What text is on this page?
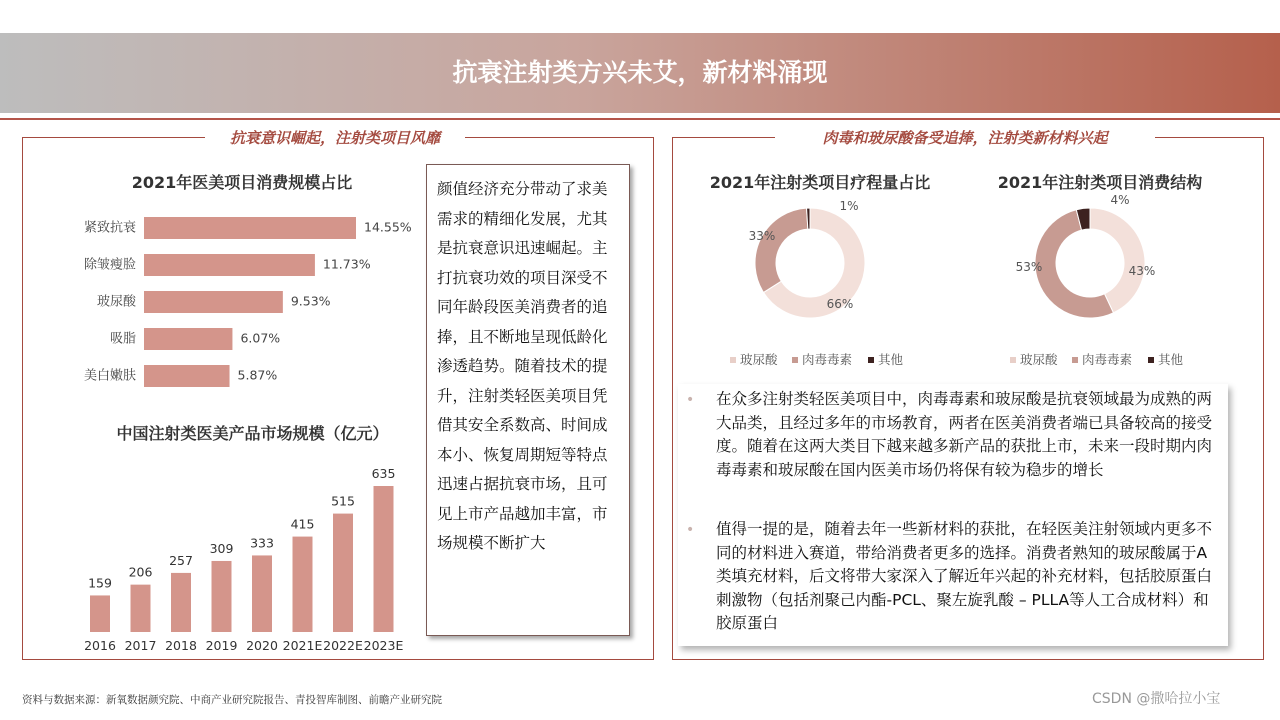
抗衰注射类方兴未艾，新材料涌现
抗衰意识崛起，注射类项目风靡	肉毒和玻尿酸备受追捧，注射类新材料兴起
2021年医美项目消费规模占比
紧致抗衰	14.55%
除皱瘦脸	11.73%
玻尿酸	9.53%
吸脂	6.07%
美白嫩肤	5.87%
中国注射类医美产品市场规模（亿元）
159
2016
206
2017
257
2018
309
2019
333
2020
415
2021E
515
2022E
635
2023E
颜值经济充分带动了求美需求的精细化发展，尤其是抗衰意识迅速崛起。主打抗衰功效的项目深受不同年龄段医美消费者的追捧，且不断地呈现低龄化渗透趋势。随着技术的提升，注射类轻医美项目凭借其安全系数高、时间成本小、恢复周期短等特点迅速占据抗衰市场，且可见上市产品越加丰富，市场规模不断扩大
2021年注射类项目疗程量占比	2021年注射类项目消费结构
66%
33%
1%
玻尿酸 肉毒毒素 其他
43%
53%
4%
玻尿酸 肉毒毒素 其他
• 在众多注射类轻医美项目中，肉毒毒素和玻尿酸是抗衰领域最为成熟的两大品类，且经过多年的市场教育，两者在医美消费者端已具备较高的接受度。随着在这两大类目下越来越多新产品的获批上市，未来一段时期内肉毒毒素和玻尿酸在国内医美市场仍将保有较为稳步的增长
• 值得一提的是，随着去年一些新材料的获批，在轻医美注射领域内更多不同的材料进入赛道，带给消费者更多的选择。消费者熟知的玻尿酸属于A类填充材料，后文将带大家深入了解近年兴起的补充材料，包括胶原蛋白刺激物（包括剂聚己内酯-PCL、聚左旋乳酸 – PLLA等人工合成材料）和胶原蛋白
资料与数据来源：新氧数据颜究院、中商产业研究院报告、青投智库制图、前瞻产业研究院	CSDN @撒哈拉小宝
